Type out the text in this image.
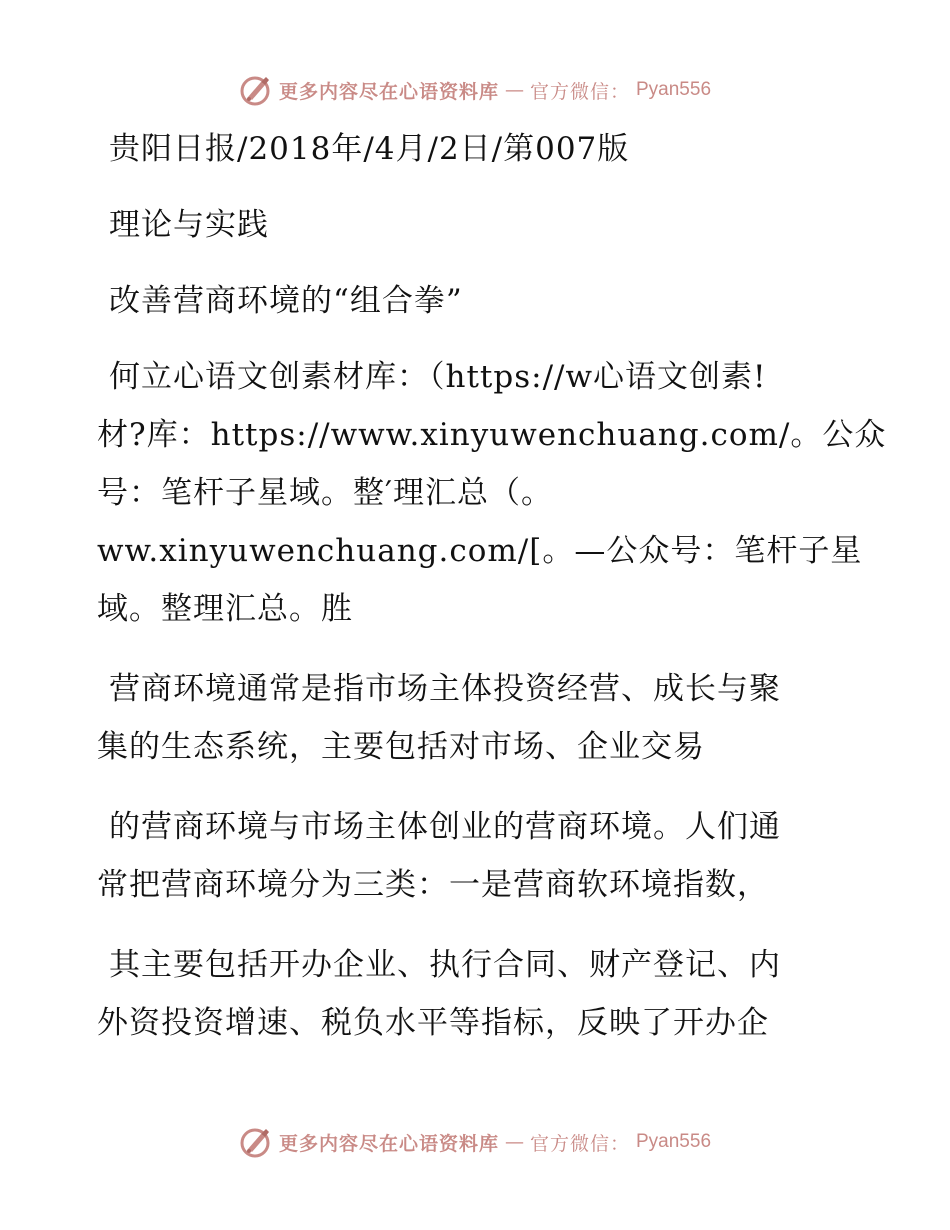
更多内容尽在心语资料库 — 官方微信： Pyan556
贵阳日报/2018年/4月/2日/第007版
理论与实践
改善营商环境的“组合拳”
何立心语文创素材库：（https://w心语文创素!
材?库：https://www.xinyuwenchuang.com/。公众
号：笔杆子星域。整′理汇总（。
ww.xinyuwenchuang.com/[。—公众号：笔杆子星
域。整理汇总。胜
营商环境通常是指市场主体投资经营、成长与聚
集的生态系统，主要包括对市场、企业交易
的营商环境与市场主体创业的营商环境。人们通
常把营商环境分为三类：一是营商软环境指数，
其主要包括开办企业、执行合同、财产登记、内
外资投资增速、税负水平等指标，反映了开办企
更多内容尽在心语资料库 — 官方微信： Pyan556
